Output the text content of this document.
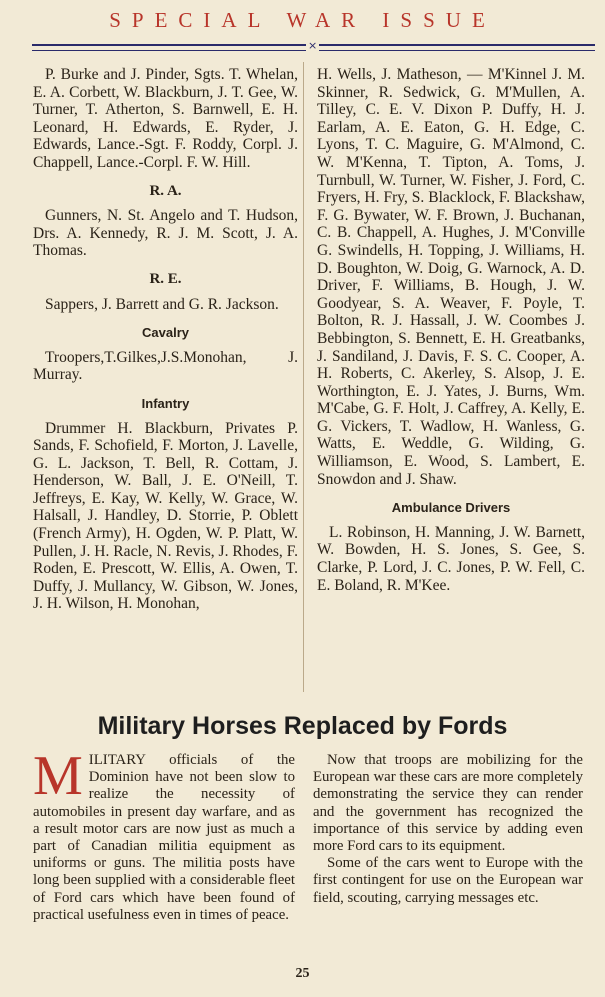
SPECIAL WAR ISSUE
×

P. Burke and J. Pinder, Sgts. T. Whelan, E. A. Corbett, W. Blackburn, J. T. Gee, W. Turner, T. Atherton, S. Barnwell, E. H. Leonard, H. Edwards, E. Ryder, J. Edwards, Lance.-Sgt. F. Roddy, Corpl. J. Chappell, Lance.-Corpl. F. W. Hill.

R. A.

Gunners, N. St. Angelo and T. Hudson, Drs. A. Kennedy, R. J. M. Scott, J. A. Thomas.

R. E.

Sappers, J. Barrett and G. R. Jackson.

Cavalry

Troopers,T.Gilkes,J.S.Monohan, J. Murray.

Infantry

Drummer H. Blackburn, Privates P. Sands, F. Schofield, F. Morton, J. Lavelle, G. L. Jackson, T. Bell, R. Cottam, J. Henderson, W. Ball, J. E. O'Neill, T. Jeffreys, E. Kay, W. Kelly, W. Grace, W. Halsall, J. Handley, D. Storrie, P. Oblett (French Army), H. Ogden, W. P. Platt, W. Pullen, J. H. Racle, N. Revis, J. Rhodes, F. Roden, E. Prescott, W. Ellis, A. Owen, T. Duffy, J. Mullancy, W. Gibson, W. Jones, J. H. Wilson, H. Monohan,

H. Wells, J. Matheson, — M'Kinnel J. M. Skinner, R. Sedwick, G. M'Mullen, A. Tilley, C. E. V. Dixon P. Duffy, H. J. Earlam, A. E. Eaton, G. H. Edge, C. Lyons, T. C. Maguire, G. M'Almond, C. W. M'Kenna, T. Tipton, A. Toms, J. Turnbull, W. Turner, W. Fisher, J. Ford, C. Fryers, H. Fry, S. Blacklock, F. Blackshaw, F. G. Bywater, W. F. Brown, J. Buchanan, C. B. Chappell, A. Hughes, J. M'Conville G. Swindells, H. Topping, J. Williams, H. D. Boughton, W. Doig, G. Warnock, A. D. Driver, F. Williams, B. Hough, J. W. Goodyear, S. A. Weaver, F. Poyle, T. Bolton, R. J. Hassall, J. W. Coombes J. Bebbington, S. Bennett, E. H. Greatbanks, J. Sandiland, J. Davis, F. S. C. Cooper, A. H. Roberts, C. Akerley, S. Alsop, J. E. Worthington, E. J. Yates, J. Burns, Wm. M'Cabe, G. F. Holt, J. Caffrey, A. Kelly, E. G. Vickers, T. Wadlow, H. Wanless, G. Watts, E. Weddle, G. Wilding, G. Williamson, E. Wood, S. Lambert, E. Snowdon and J. Shaw.

Ambulance Drivers

L. Robinson, H. Manning, J. W. Barnett, W. Bowden, H. S. Jones, S. Gee, S. Clarke, P. Lord, J. C. Jones, P. W. Fell, C. E. Boland, R. M'Kee.

Military Horses Replaced by Fords

M ILITARY officials of the Dominion have not been slow to realize the necessity of automobiles in present day warfare, and as a result motor cars are now just as much a part of Canadian militia equipment as uniforms or guns. The militia posts have long been supplied with a considerable fleet of Ford cars which have been found of practical usefulness even in times of peace.

Now that troops are mobilizing for the European war these cars are more completely demonstrating the service they can render and the government has recognized the importance of this service by adding even more Ford cars to its equipment.

Some of the cars went to Europe with the first contingent for use on the European war field, scouting, carrying messages etc.

25
